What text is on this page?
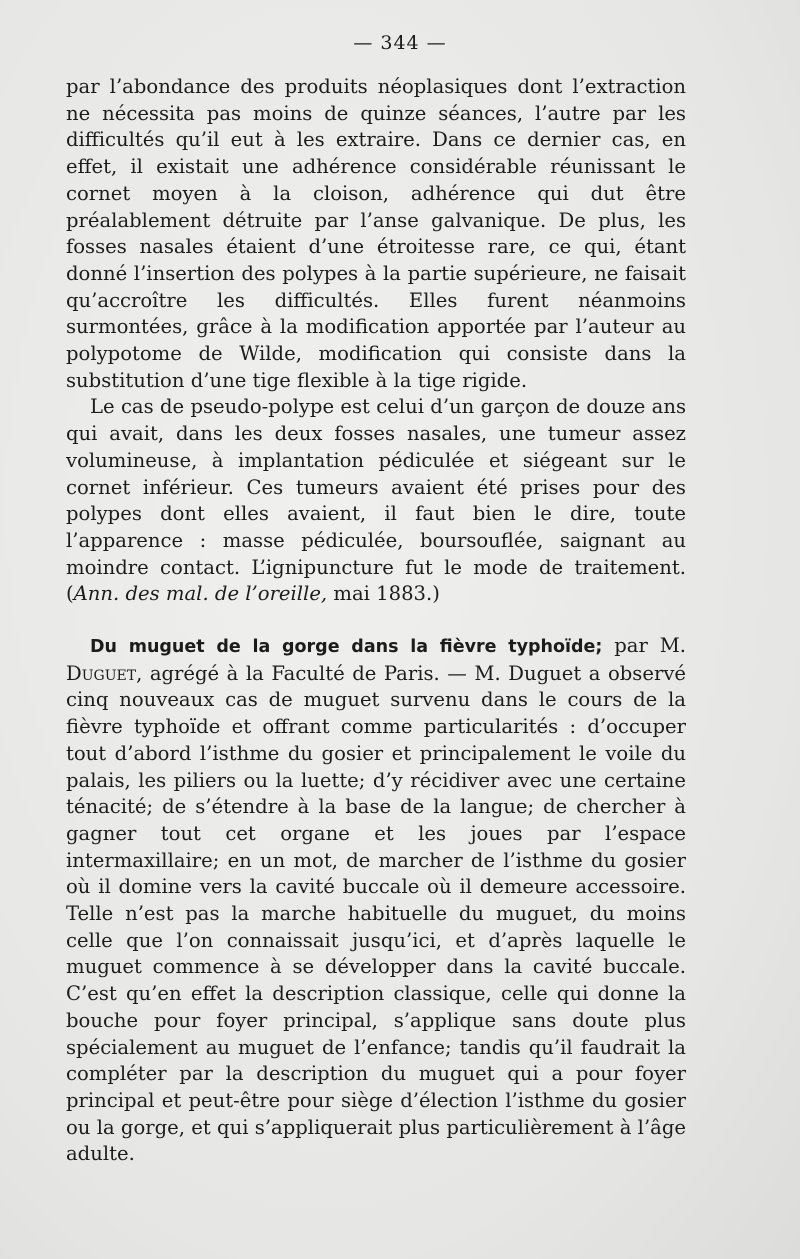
— 344 —

par l’abondance des produits néoplasiques dont l’extraction ne nécessita pas moins de quinze séances, l’autre par les difficultés qu’il eut à les extraire. Dans ce dernier cas, en effet, il existait une adhérence considérable réunissant le cornet moyen à la cloison, adhérence qui dut être préalablement détruite par l’anse galvanique. De plus, les fosses nasales étaient d’une étroitesse rare, ce qui, étant donné l’insertion des polypes à la partie supérieure, ne faisait qu’accroître les difficultés. Elles furent néanmoins surmontées, grâce à la modification apportée par l’auteur au polypotome de Wilde, modification qui consiste dans la substitution d’une tige flexible à la tige rigide.

Le cas de pseudo-polype est celui d’un garçon de douze ans qui avait, dans les deux fosses nasales, une tumeur assez volumineuse, à implantation pédiculée et siégeant sur le cornet inférieur. Ces tumeurs avaient été prises pour des polypes dont elles avaient, il faut bien le dire, toute l’apparence : masse pédiculée, boursouflée, saignant au moindre contact. L’ignipuncture fut le mode de traitement. (Ann. des mal. de l’oreille, mai 1883.)

Du muguet de la gorge dans la fièvre typhoïde; par M. Duguet, agrégé à la Faculté de Paris. — M. Duguet a observé cinq nouveaux cas de muguet survenu dans le cours de la fièvre typhoïde et offrant comme particularités : d’occuper tout d’abord l’isthme du gosier et principalement le voile du palais, les piliers ou la luette; d’y récidiver avec une certaine ténacité; de s’étendre à la base de la langue; de chercher à gagner tout cet organe et les joues par l’espace intermaxillaire; en un mot, de marcher de l’isthme du gosier où il domine vers la cavité buccale où il demeure accessoire. Telle n’est pas la marche habituelle du muguet, du moins celle que l’on connaissait jusqu’ici, et d’après laquelle le muguet commence à se développer dans la cavité buccale. C’est qu’en effet la description classique, celle qui donne la bouche pour foyer principal, s’applique sans doute plus spécialement au muguet de l’enfance; tandis qu’il faudrait la compléter par la description du muguet qui a pour foyer principal et peut-être pour siège d’élection l’isthme du gosier ou la gorge, et qui s’appliquerait plus particulièrement à l’âge adulte.
